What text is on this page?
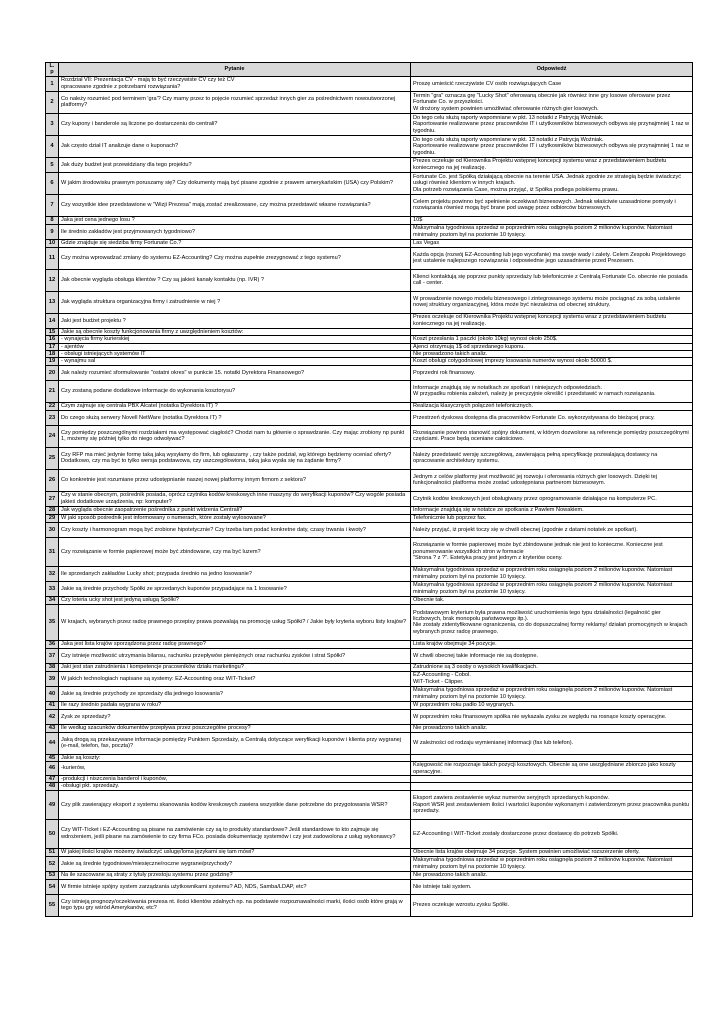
L.p	Pytanie	Odpowiedź
1	Rozdział VII: Prezentacja CV - mają to być rzeczywiste CV czy też CV
opracowane zgodnie z potrzebami rozwiązania?	Proszę umieścić rzeczywiste CV osób rozwiązujących Case

2	Co należy rozumieć pod terminem 'gra'? Czy mamy przez to pojęcie rozumieć sprzedaż innych gier za pośrednictwem nowoutworzonej platformy?	Termin "gra" oznacza grę "Lucky Shot" oferowaną obecnie jak również inne gry losowe oferowane przez Fortunate Co. w przyszłości.
W drożony system powinien umożliwiać oferowanie różnych gier losowych.

3	Czy kupony i banderole są liczone po dostarczeniu do centrali?	Do tego celu służą raporty wspomniane w pkt. 13 notatki z Patrycją Woźniak.
Raportowanie realizowane przez pracowników IT i użytkowników biznesowych odbywa się przynajmniej 1 raz w tygodniu.

4	Jak często dział IT analizuje dane o kuponach?	Do tego celu służą raporty wspomniane w pkt. 13 notatki z Patrycją Woźniak.
Raportowanie realizowane przez pracowników IT i użytkowników biznesowych odbywa się przynajmniej 1 raz w tygodniu.

5	Jak duży budżet jest przewidziany dla tego projektu?	Prezes oczekuje od Kierownika Projektu wstępnej koncepcji systemu wraz z przedstawieniem budżetu koniecznego na jej realizację.

6	W jakim środowisku prawnym poruszamy się? Czy dokumenty mają być pisane zgodnie z prawem amerykańskim (USA) czy Polskim?	Fortunate Co. jest Spółką działającą obecnie na terenie USA. Jednak zgodnie ze strategią będzie świadczyć usługi również klientom w innych krajach.
Dla potrzeb rozwiązania Case, można przyjąć, iż Spółka podlega polskiemu prawu.

7	Czy wszystkie idee przedstawione w "Wizji Prezesa" mają zostać zrealizowane, czy można przedstawić własne rozwiązania?	Celem projektu powinno być spełnienie oczekiwań biznesowych. Jednak właściwie uzasadnione pomysły i rozwiązania również mogą być brane pod uwagę przez odbiorców biznesowych.

8	Jaka jest cena jednego losu ?	10$

9	Ile średnio zakładów jest przyjmowanych tygodniowo?	Maksymalna tygodniowa sprzedaż w poprzednim roku osiągnęła poziom 2 milionów kuponów. Natomiast minimalny poziom był na poziomie 10 tysięcy.

10	Gdzie znajduje się siedziba firmy Fortunate Co.?	Las Vegas

11	Czy można wprowadzać zmiany do systemu EZ-Accounting? Czy można zupełnie zrezygnować z tego systemu?	Każda opcja (rozwój EZ-Accounting lub jego wycofanie) ma swoje wady i zalety. Celem Zespołu Projektowego jest ustalenie najlepszego rozwiązania i odpowiednie jego uzasadnienie przed Prezesem.

12	Jak obecnie wygląda obsługa klientów ? Czy są jakieś kanały kontaktu (np. IVR) ?	Klienci kontaktują się poprzez punkty sprzedaży lub telefonicznie z Centralą Fortunate Co. obecnie nie posiada call - center.

13	Jak wygląda struktura organizacyjna firmy i zatrudnienie w niej ?	W prowadzenie nowego modelu biznesowego i zintegrowanego systemu może pociągnąć za sobą ustalenie nowej struktury organizacyjnej, która może być niezależna od obecnej struktury.

14	Jaki jest budżet projektu ?	Prezes oczekuje od Kierownika Projektu wstępnej koncepcji systemu wraz z przedstawieniem budżetu koniecznego na jej realizację.

15	Jakie są obecnie koszty funkcjonowania firmy z uwzględnieniem kosztów:	

16	- wynajęcia firmy kurierskiej	Koszt przesłania 1 paczki (około 10kg) wynosi około 250$.

17	- ajentów	Ajenci otrzymują 1$ od sprzedanego kuponu.

18	- obsługi istniejących systemów IT	Nie prowadzono takich analiz.

19	- wynajmu sal	Koszt obsługi cotygodniowej imprezy losowania numerów wynosi około 50000 $.

20	Jak należy rozumieć sformułowanie "ostatni okres" w punkcie 15. notatki Dyrektora Finansowego?	Poprzedni rok finansowy.

21	Czy zostaną podane dodatkowe informacje do wykonania kosztorysu?	Informacje znajdują się w notatkach ze spotkań i niniejszych odpowiedziach.
W przypadku robienia założeń, należy je precyzyjnie określić i przedstawić w ramach rozwiązania.

22	Czym zajmuje się centrala PBX Alcatel (notatka Dyrektora IT) ?	Realizacja klasycznych połączeń telefonicznych.

23	Do czego służą serwery Novell NetWare (notatka Dyrektora IT) ?	Przestrzeń dyskowa dostępna dla pracowników Fortunate Co. wykorzystywana do bieżącej pracy.

24	Czy pomiędzy poszczególnymi rozdziałami ma występować ciągłość? Chodzi nam tu głównie o sprawdzanie. Czy mając zrobiony np punkt 1, możemy się później tylko do niego odwoływać?	Rozwiązanie powinno stanowić spójny dokument, w którym dozwolone są referencje pomiędzy poszczególnymi częściami. Prace będą oceniane całościowo.

25	Czy RFP ma mieć jedynie formę taką jaką wysyłamy do firm, lub ogłaszamy , czy także podział, wg którego będziemy oceniać oferty? Dodatkowo, czy ma być to tylko wersja podstawowa, czy uszczegółowiona, taką jaka wysła się na żądanie firmy?	Należy przedstawić wersję szczegółową, zawierającą pełną specyfikację pozwalającą dostawcy na opracowanie architektury systemu.

26	Co konkretnie jest rozumiane przez udostępnianie naszej nowej platformy innym firmom z sektora?	Jednym z celów platformy jest możliwość jej rozwoju i oferowania różnych gier losowych. Dzięki tej funkcjonalności platforma może zostać udostępniana partnerom biznesowym.

27	Czy w stanie obecnym, pośrednik posiada, oprócz czytnika kodów kreskowych inne maszyny do weryfikacji kuponów? Czy wogóle posiada jakieś dodatkowe urządzenia, np: komputer?	Czytnik kodów kreskowych jest obsługiwany przez oprogramowanie działające na komputerze PC.

28	Jak wygląda obecnie zaopatrzenie pośrednika z punkt widzenia Centrali?	Informacje znajdują się w notatce ze spotkania z Pawłem Nowakiem.

29	W jaki sposób pośrednik jest informowany o numerach, które zostały wylosowane?	Telefonicznie lub poprzez fax.

30	Czy koszty i harmonogram mogą być zrobione hipotetycznie? Czy trzeba tam podać konkretne daty, czasy trwania i kwoty?	Należy przyjąć, iż projekt toczy się w chwili obecnej (zgodnie z datami notatek ze spotkań).

31	Czy rozwiązanie w formie papierowej może być zbindowane, czy ma być luzem?	Rozwiązanie w formie papierowej może być zbindowane jednak nie jest to konieczne. Konieczne jest ponumerowanie wszystkich stron w formacie
"Strona ? z ?". Estetyka pracy jest jednym z kryteriów oceny.

32	Ile sprzedanych zakładów Lucky shot; przypada średnio na jedno losowanie?	Maksymalna tygodniowa sprzedaż w poprzednim roku osiągnęła poziom 2 milionów kuponów. Natomiast minimalny poziom był na poziomie 10 tysięcy.

33	Jakie są średnie przychody Spółki ze sprzedanych kuponów przypadające na 1 losowanie?	Maksymalna tygodniowa sprzedaż w poprzednim roku osiągnęła poziom 2 milionów kuponów. Natomiast minimalny poziom był na poziomie 10 tysięcy.

34	Czy loteria ucky shot jest jedyną usługą Spółki?	Obecnie tak.

35	W krajach, wybranych przez radcę prawnego przepisy prawa pozwalają na promocję usług Spółki? / Jakie były kryteria wyboru listy krajów?	Podstawowym kryterium była prawna możliwość uruchomienia tego typu działalności (legalność gier liczbowych, brak monopolu państwowego itp.).
Nie zostały zidentyfikowane ograniczenia, co do dopuszczalnej formy reklamy/ działań promocyjnych w krajach wybranych przez radcę prawnego.

36	Jaka jest lista krajów sporządzona przez radcę prawnego?	Lista krajów obejmuje 34 pozycje.

37	Czy istnieje możliwość utrzymania bilansu, rachunku przepływów pieniężnych oraz rachunku zysków i strat Spółki?	W chwili obecnej takie informacje nie są dostępne.

38	Jaki jest stan zatrudnienia i kompetencje pracowników działu marketingu?	Zatrudnione są 3 osoby o wysokich kwalifikacjach.

39	W jakich technologiach napisane są systemy: EZ-Accounting oraz WIT-Ticket?	EZ-Accounting - Cobol.
WIT-Ticket - Clipper.

40	Jakie są średnie przychody ze sprzedaży dla jednego losowania?	Maksymalna tygodniowa sprzedaż w poprzednim roku osiągnęła poziom 2 milionów kuponów. Natomiast minimalny poziom był na poziomie 10 tysięcy.

41	Ile razy średnio padała wygrana w roku?	W poprzednim roku padło 10 wygranych.

42	Zysk ze sprzedaży?	W poprzednim roku finansowym spółka nie wykazała zysku ze względu na rosnące koszty operacyjne.

43	Ile według szacunków dokumentów przepływa przez poszczególne procesy?	Nie prowadzono takich analiz.

44	Jaką drogą są przekazywane informacje pomiędzy Punktem Sprzedaży, a Centralą dotyczące weryfikacji kuponów i klienta przy wygranej (e-mail, telefon, fax, poczta)?	W zależności od rodzaju wymienianej informacji (fax lub telefon).

45	Jakie są koszty:	

46	-kurierów,	Księgowość nie rozpoznaje takich pozycji kosztowych. Obecnie są one uwzględniane zbiorczo jako koszty operacyjne.

47	-produkcji i niszczenia banderol i kuponów,	

48	-obsługi pkt. sprzedaży.	

49	Czy plik zawierający eksport z systemu skanowania kodów kreskowych zawiera wszystkie dane potrzebne do przygotowania WSR?	Eksport zawiera zestawienie wykaz numerów seryjnych sprzedanych kuponów.
Raport WSR jest zestawieniem ilości i wartości kuponów wykonanym i zatwierdzonym przez pracownika punktu sprzedaży.

50	Czy WIT-Ticket i EZ-Accounting są pisane na zamówienie czy są to produkty standardowe? Jeśli standardowe to kto zajmuje się wdrożeniem, jeśli pisane na zamówienie to czy firma FCo. posiada dokumentację systemów i czy jest zadowolona z usług wykonawcy?	EZ-Accounting i WIT-Ticket zostały dostarczone przez dostawcę do potrzeb Spółki.

51	W jakiej ilości krajów możemy świadczyć usługę/loma językami się tam mówi?	Obecnie lista krajów obejmuje 34 pozycje. System powinien umożliwiać rozszerzenie oferty.

52	Jakie są średnie tygodniowe/miesięczne/roczne wygrane/przychody?	Maksymalna tygodniowa sprzedaż w poprzednim roku osiągnęła poziom 2 milionów kuponów. Natomiast minimalny poziom był na poziomie 10 tysięcy.

53	Na ile szacowane są straty z tytuły przestoju systemu przez godzinę?	Nie prowadzono takich analiz.

54	W firmie istnieje spójny system zarządzania użytkownikami systemu? AD, NDS, Samba/LDAP, etc?	Nie istnieje taki system.

55	Czy istnieją prognozy/oczekiwania prezesa nt. ilości klientów zdalnych np. na podstawie rozpoznawalności marki, ilości osób które grają w tego typu gry wśród Amerykanów, etc?	Prezes oczekuje wzrostu zysku Spółki.
